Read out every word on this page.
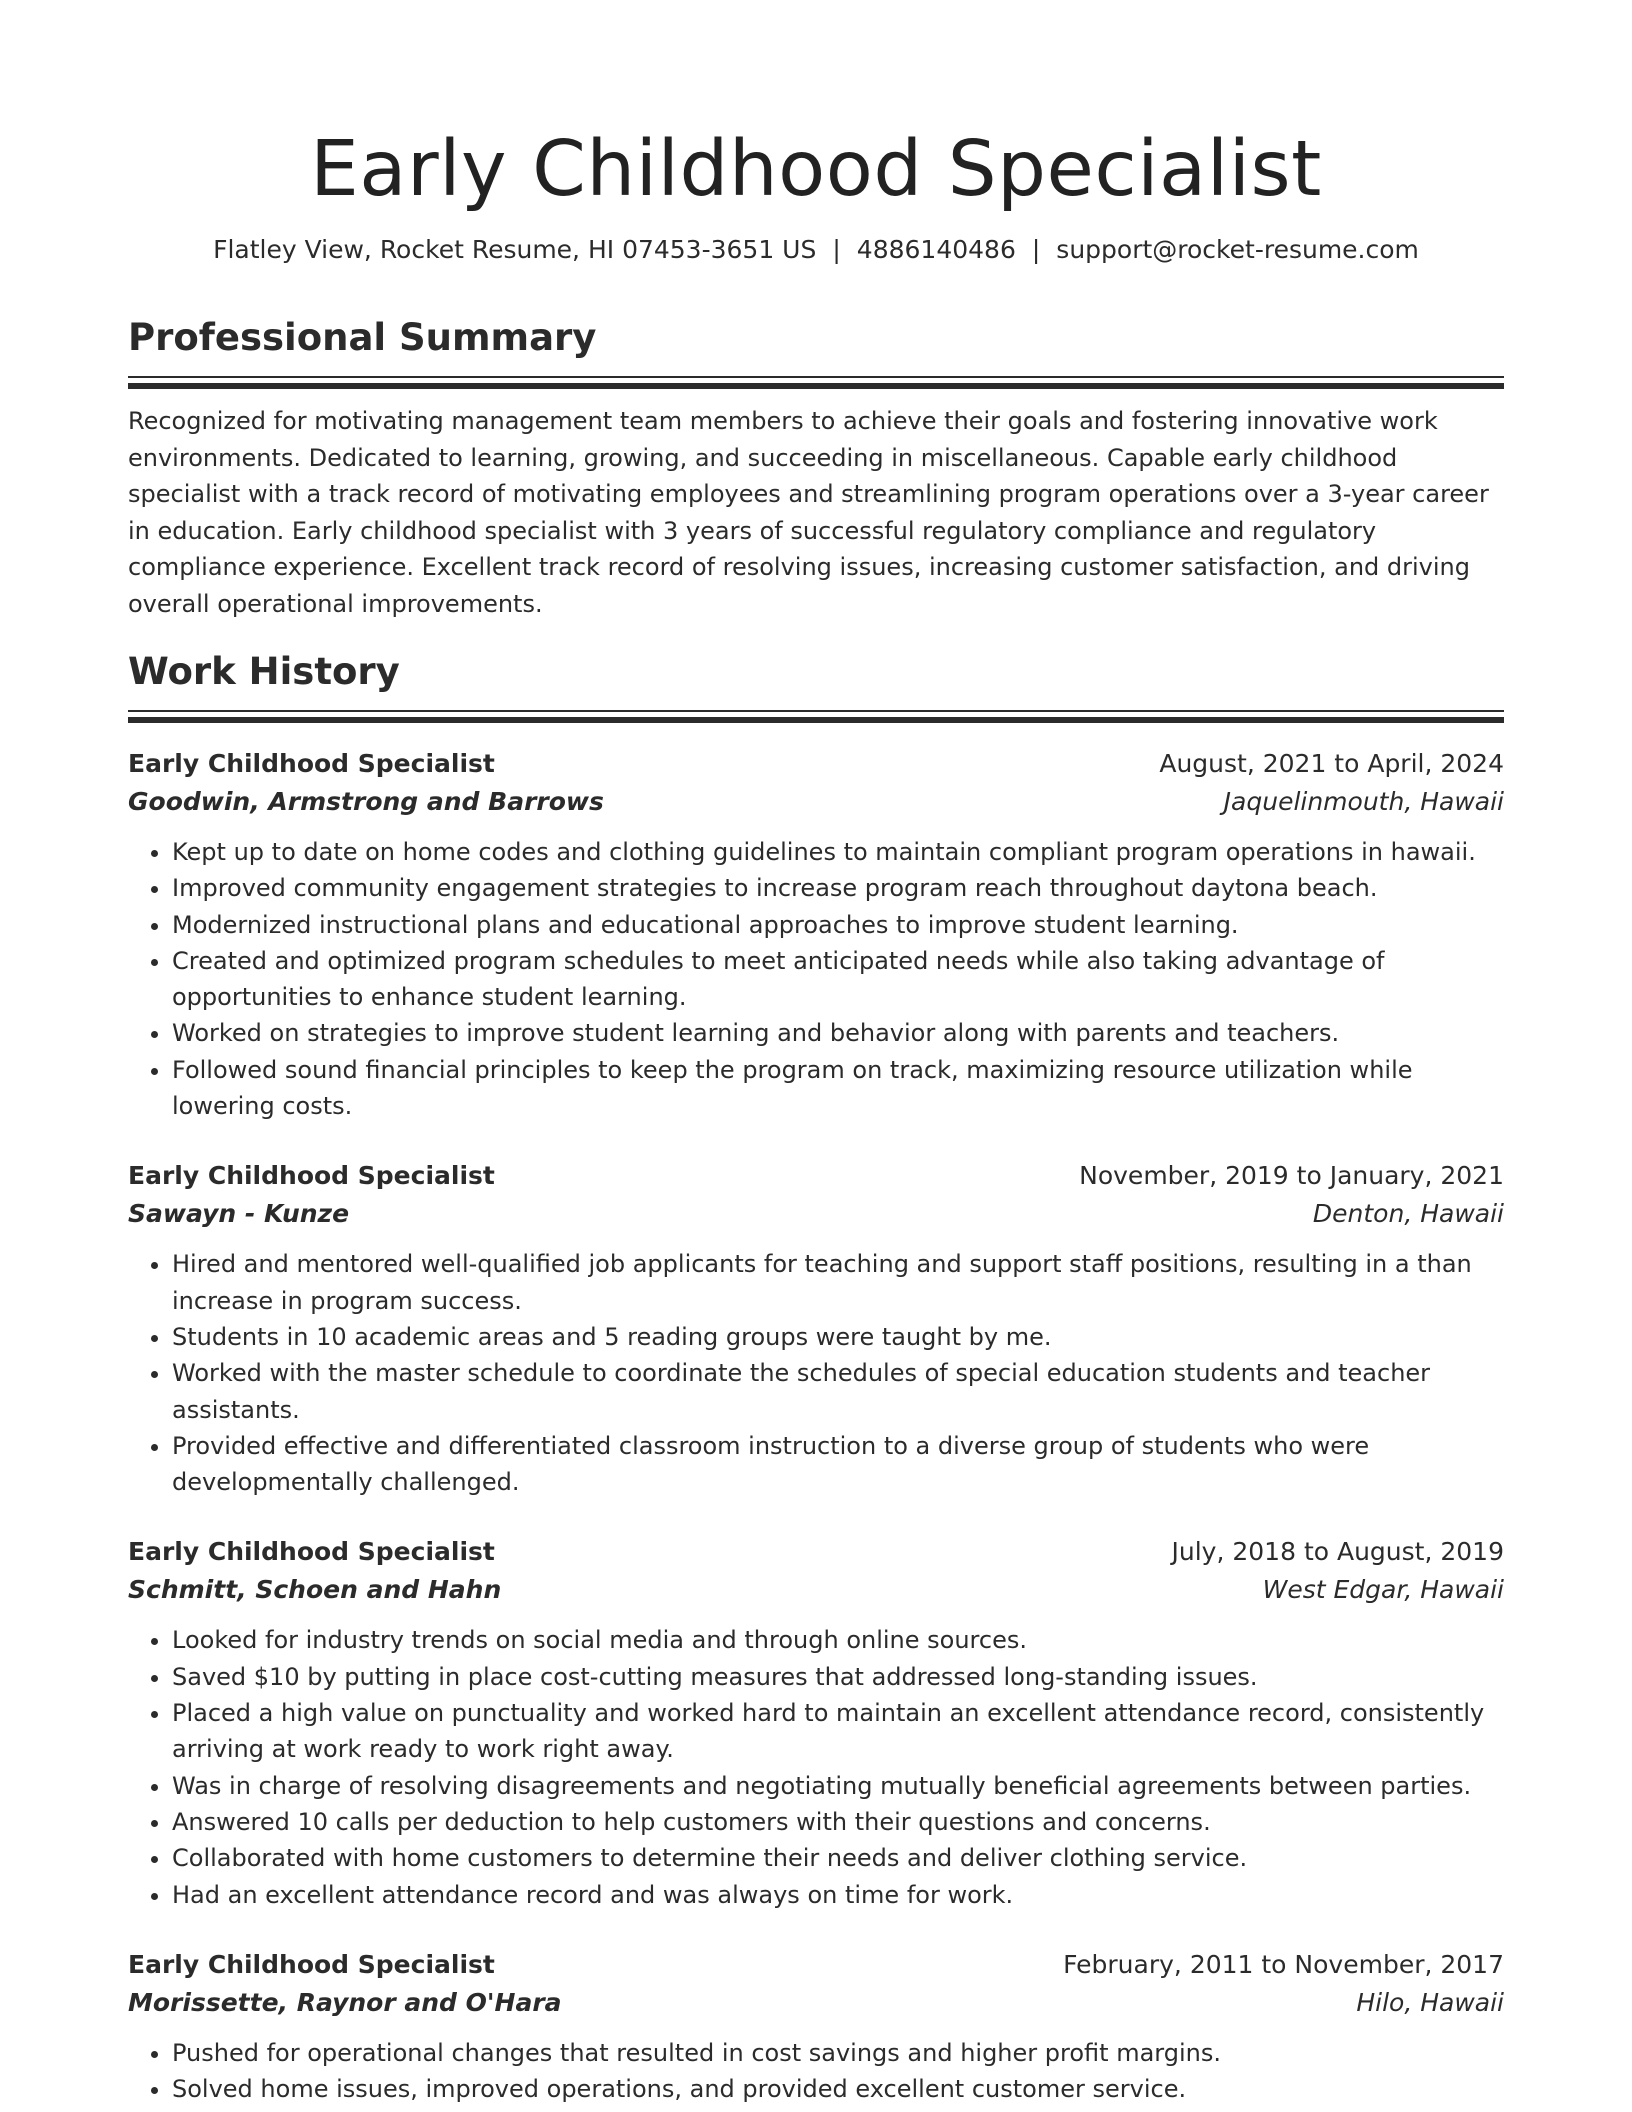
Early Childhood Specialist
Flatley View, Rocket Resume, HI 07453-3651 US | 4886140486 | support@rocket-resume.com
Professional Summary

Recognized for motivating management team members to achieve their goals and fostering innovative work environments. Dedicated to learning, growing, and succeeding in miscellaneous. Capable early childhood specialist with a track record of motivating employees and streamlining program operations over a 3-year career in education. Early childhood specialist with 3 years of successful regulatory compliance and regulatory compliance experience. Excellent track record of resolving issues, increasing customer satisfaction, and driving overall operational improvements.

Work History
Early Childhood Specialist	August, 2021 to April, 2024
Goodwin, Armstrong and Barrows	Jaquelinmouth, Hawaii
• Kept up to date on home codes and clothing guidelines to maintain compliant program operations in hawaii.
• Improved community engagement strategies to increase program reach throughout daytona beach.
• Modernized instructional plans and educational approaches to improve student learning.
• Created and optimized program schedules to meet anticipated needs while also taking advantage of opportunities to enhance student learning.
• Worked on strategies to improve student learning and behavior along with parents and teachers.
• Followed sound financial principles to keep the program on track, maximizing resource utilization while lowering costs.
Early Childhood Specialist	November, 2019 to January, 2021
Sawayn - Kunze	Denton, Hawaii
• Hired and mentored well-qualified job applicants for teaching and support staff positions, resulting in a than increase in program success.
• Students in 10 academic areas and 5 reading groups were taught by me.
• Worked with the master schedule to coordinate the schedules of special education students and teacher assistants.
• Provided effective and differentiated classroom instruction to a diverse group of students who were developmentally challenged.
Early Childhood Specialist	July, 2018 to August, 2019
Schmitt, Schoen and Hahn	West Edgar, Hawaii
• Looked for industry trends on social media and through online sources.
• Saved $10 by putting in place cost-cutting measures that addressed long-standing issues.
• Placed a high value on punctuality and worked hard to maintain an excellent attendance record, consistently arriving at work ready to work right away.
• Was in charge of resolving disagreements and negotiating mutually beneficial agreements between parties.
• Answered 10 calls per deduction to help customers with their questions and concerns.
• Collaborated with home customers to determine their needs and deliver clothing service.
• Had an excellent attendance record and was always on time for work.
Early Childhood Specialist	February, 2011 to November, 2017
Morissette, Raynor and O'Hara	Hilo, Hawaii
• Pushed for operational changes that resulted in cost savings and higher profit margins.
• Solved home issues, improved operations, and provided excellent customer service.
